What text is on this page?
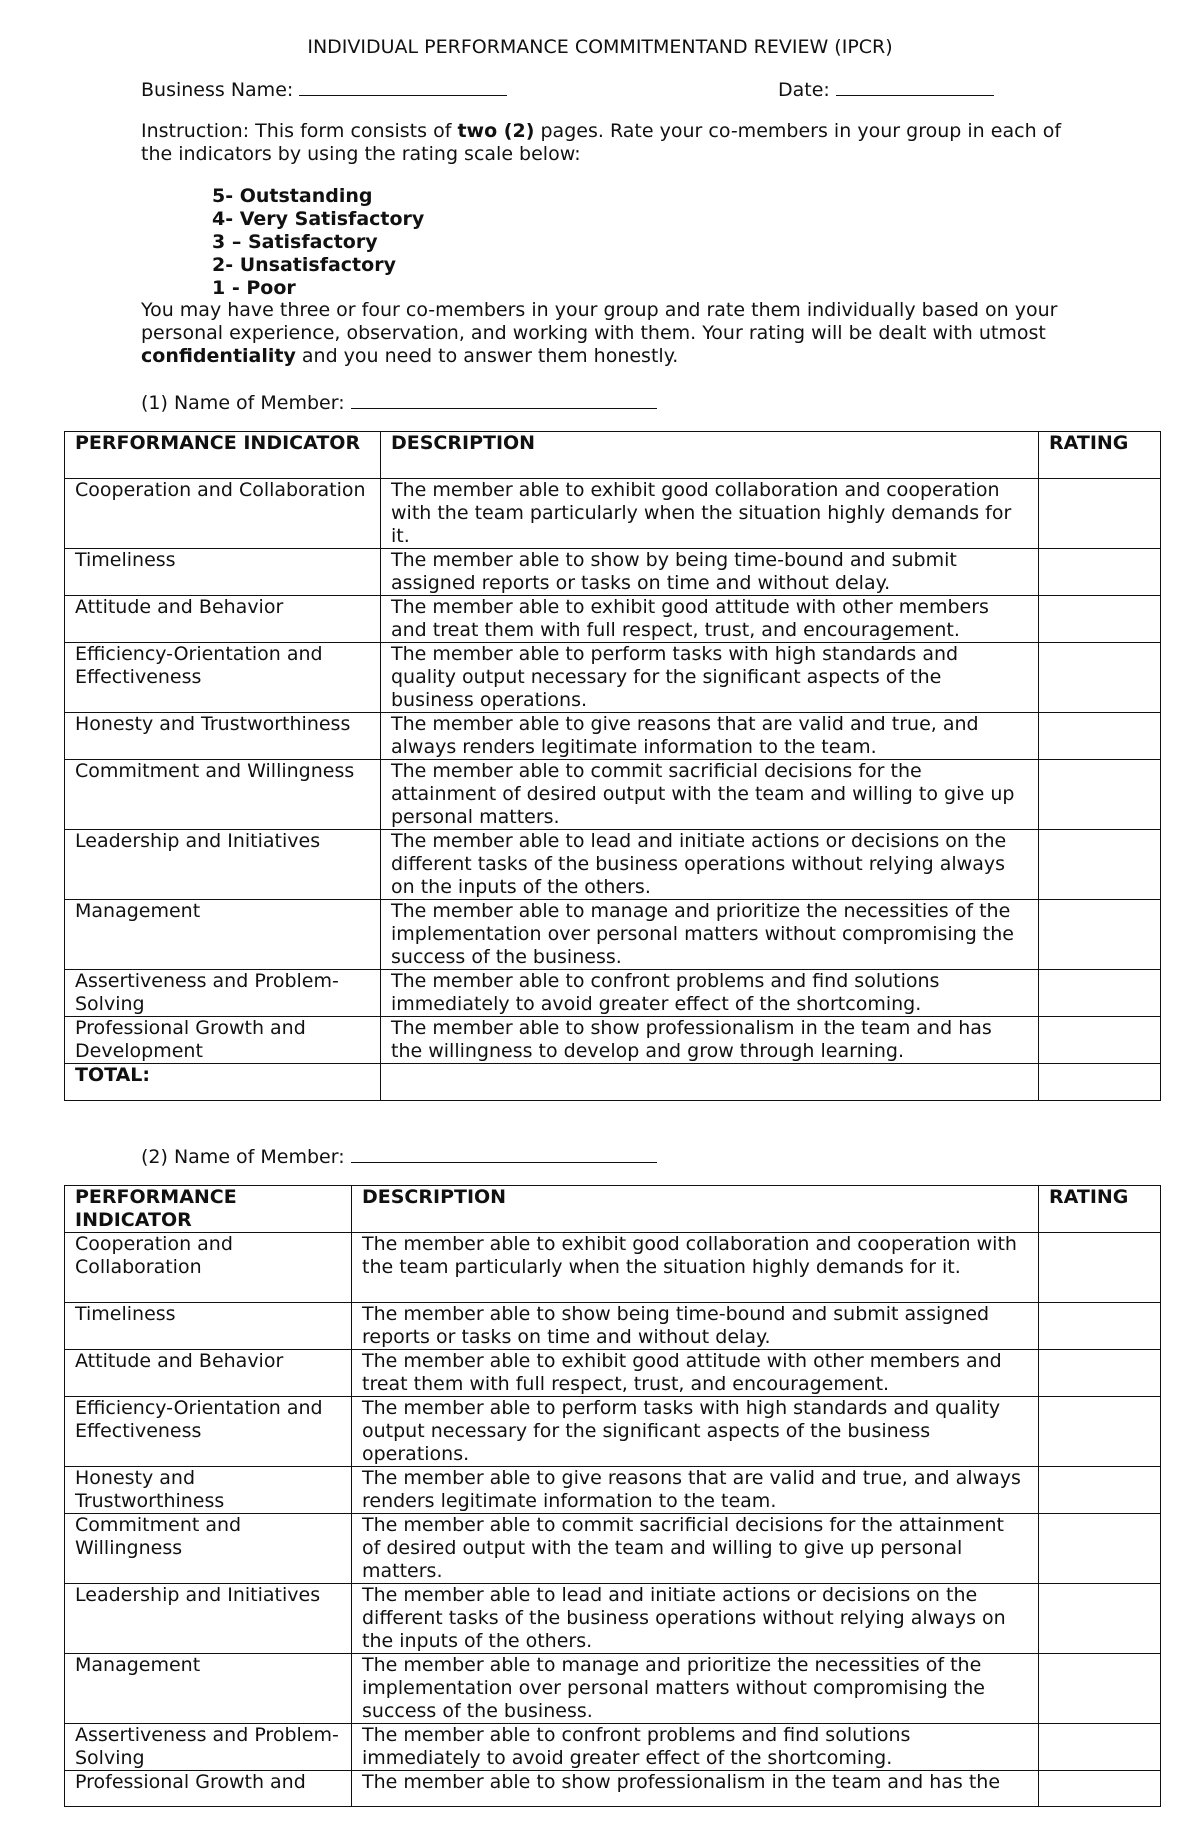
INDIVIDUAL PERFORMANCE COMMITMENTAND REVIEW (IPCR)
Business Name:	Date:
Instruction: This form consists of two (2) pages. Rate your co-members in your group in each of the indicators by using the rating scale below:
5- Outstanding
4- Very Satisfactory
3 – Satisfactory
2- Unsatisfactory
1 - Poor
You may have three or four co-members in your group and rate them individually based on your personal experience, observation, and working with them. Your rating will be dealt with utmost confidentiality and you need to answer them honestly.
(1) Name of Member:
PERFORMANCE INDICATOR	DESCRIPTION	RATING
Cooperation and Collaboration	The member able to exhibit good collaboration and cooperation with the team particularly when the situation highly demands for it.	
Timeliness	The member able to show by being time-bound and submit assigned reports or tasks on time and without delay.	
Attitude and Behavior	The member able to exhibit good attitude with other members and treat them with full respect, trust, and encouragement.	
Efficiency-Orientation and Effectiveness	The member able to perform tasks with high standards and quality output necessary for the significant aspects of the business operations.	
Honesty and Trustworthiness	The member able to give reasons that are valid and true, and always renders legitimate information to the team.	
Commitment and Willingness	The member able to commit sacrificial decisions for the attainment of desired output with the team and willing to give up personal matters.	
Leadership and Initiatives	The member able to lead and initiate actions or decisions on the different tasks of the business operations without relying always on the inputs of the others.	
Management	The member able to manage and prioritize the necessities of the implementation over personal matters without compromising the success of the business.	
Assertiveness and Problem-Solving	The member able to confront problems and find solutions immediately to avoid greater effect of the shortcoming.	
Professional Growth and Development	The member able to show professionalism in the team and has the willingness to develop and grow through learning.	
TOTAL:		
(2) Name of Member:
PERFORMANCE INDICATOR	DESCRIPTION	RATING
Cooperation and Collaboration	The member able to exhibit good collaboration and cooperation with the team particularly when the situation highly demands for it.	
Timeliness	The member able to show being time-bound and submit assigned reports or tasks on time and without delay.	
Attitude and Behavior	The member able to exhibit good attitude with other members and treat them with full respect, trust, and encouragement.	
Efficiency-Orientation and Effectiveness	The member able to perform tasks with high standards and quality output necessary for the significant aspects of the business operations.	
Honesty and Trustworthiness	The member able to give reasons that are valid and true, and always renders legitimate information to the team.	
Commitment and Willingness	The member able to commit sacrificial decisions for the attainment of desired output with the team and willing to give up personal matters.	
Leadership and Initiatives	The member able to lead and initiate actions or decisions on the different tasks of the business operations without relying always on the inputs of the others.	
Management	The member able to manage and prioritize the necessities of the implementation over personal matters without compromising the success of the business.	
Assertiveness and Problem-Solving	The member able to confront problems and find solutions immediately to avoid greater effect of the shortcoming.	
Professional Growth and	The member able to show professionalism in the team and has the	
